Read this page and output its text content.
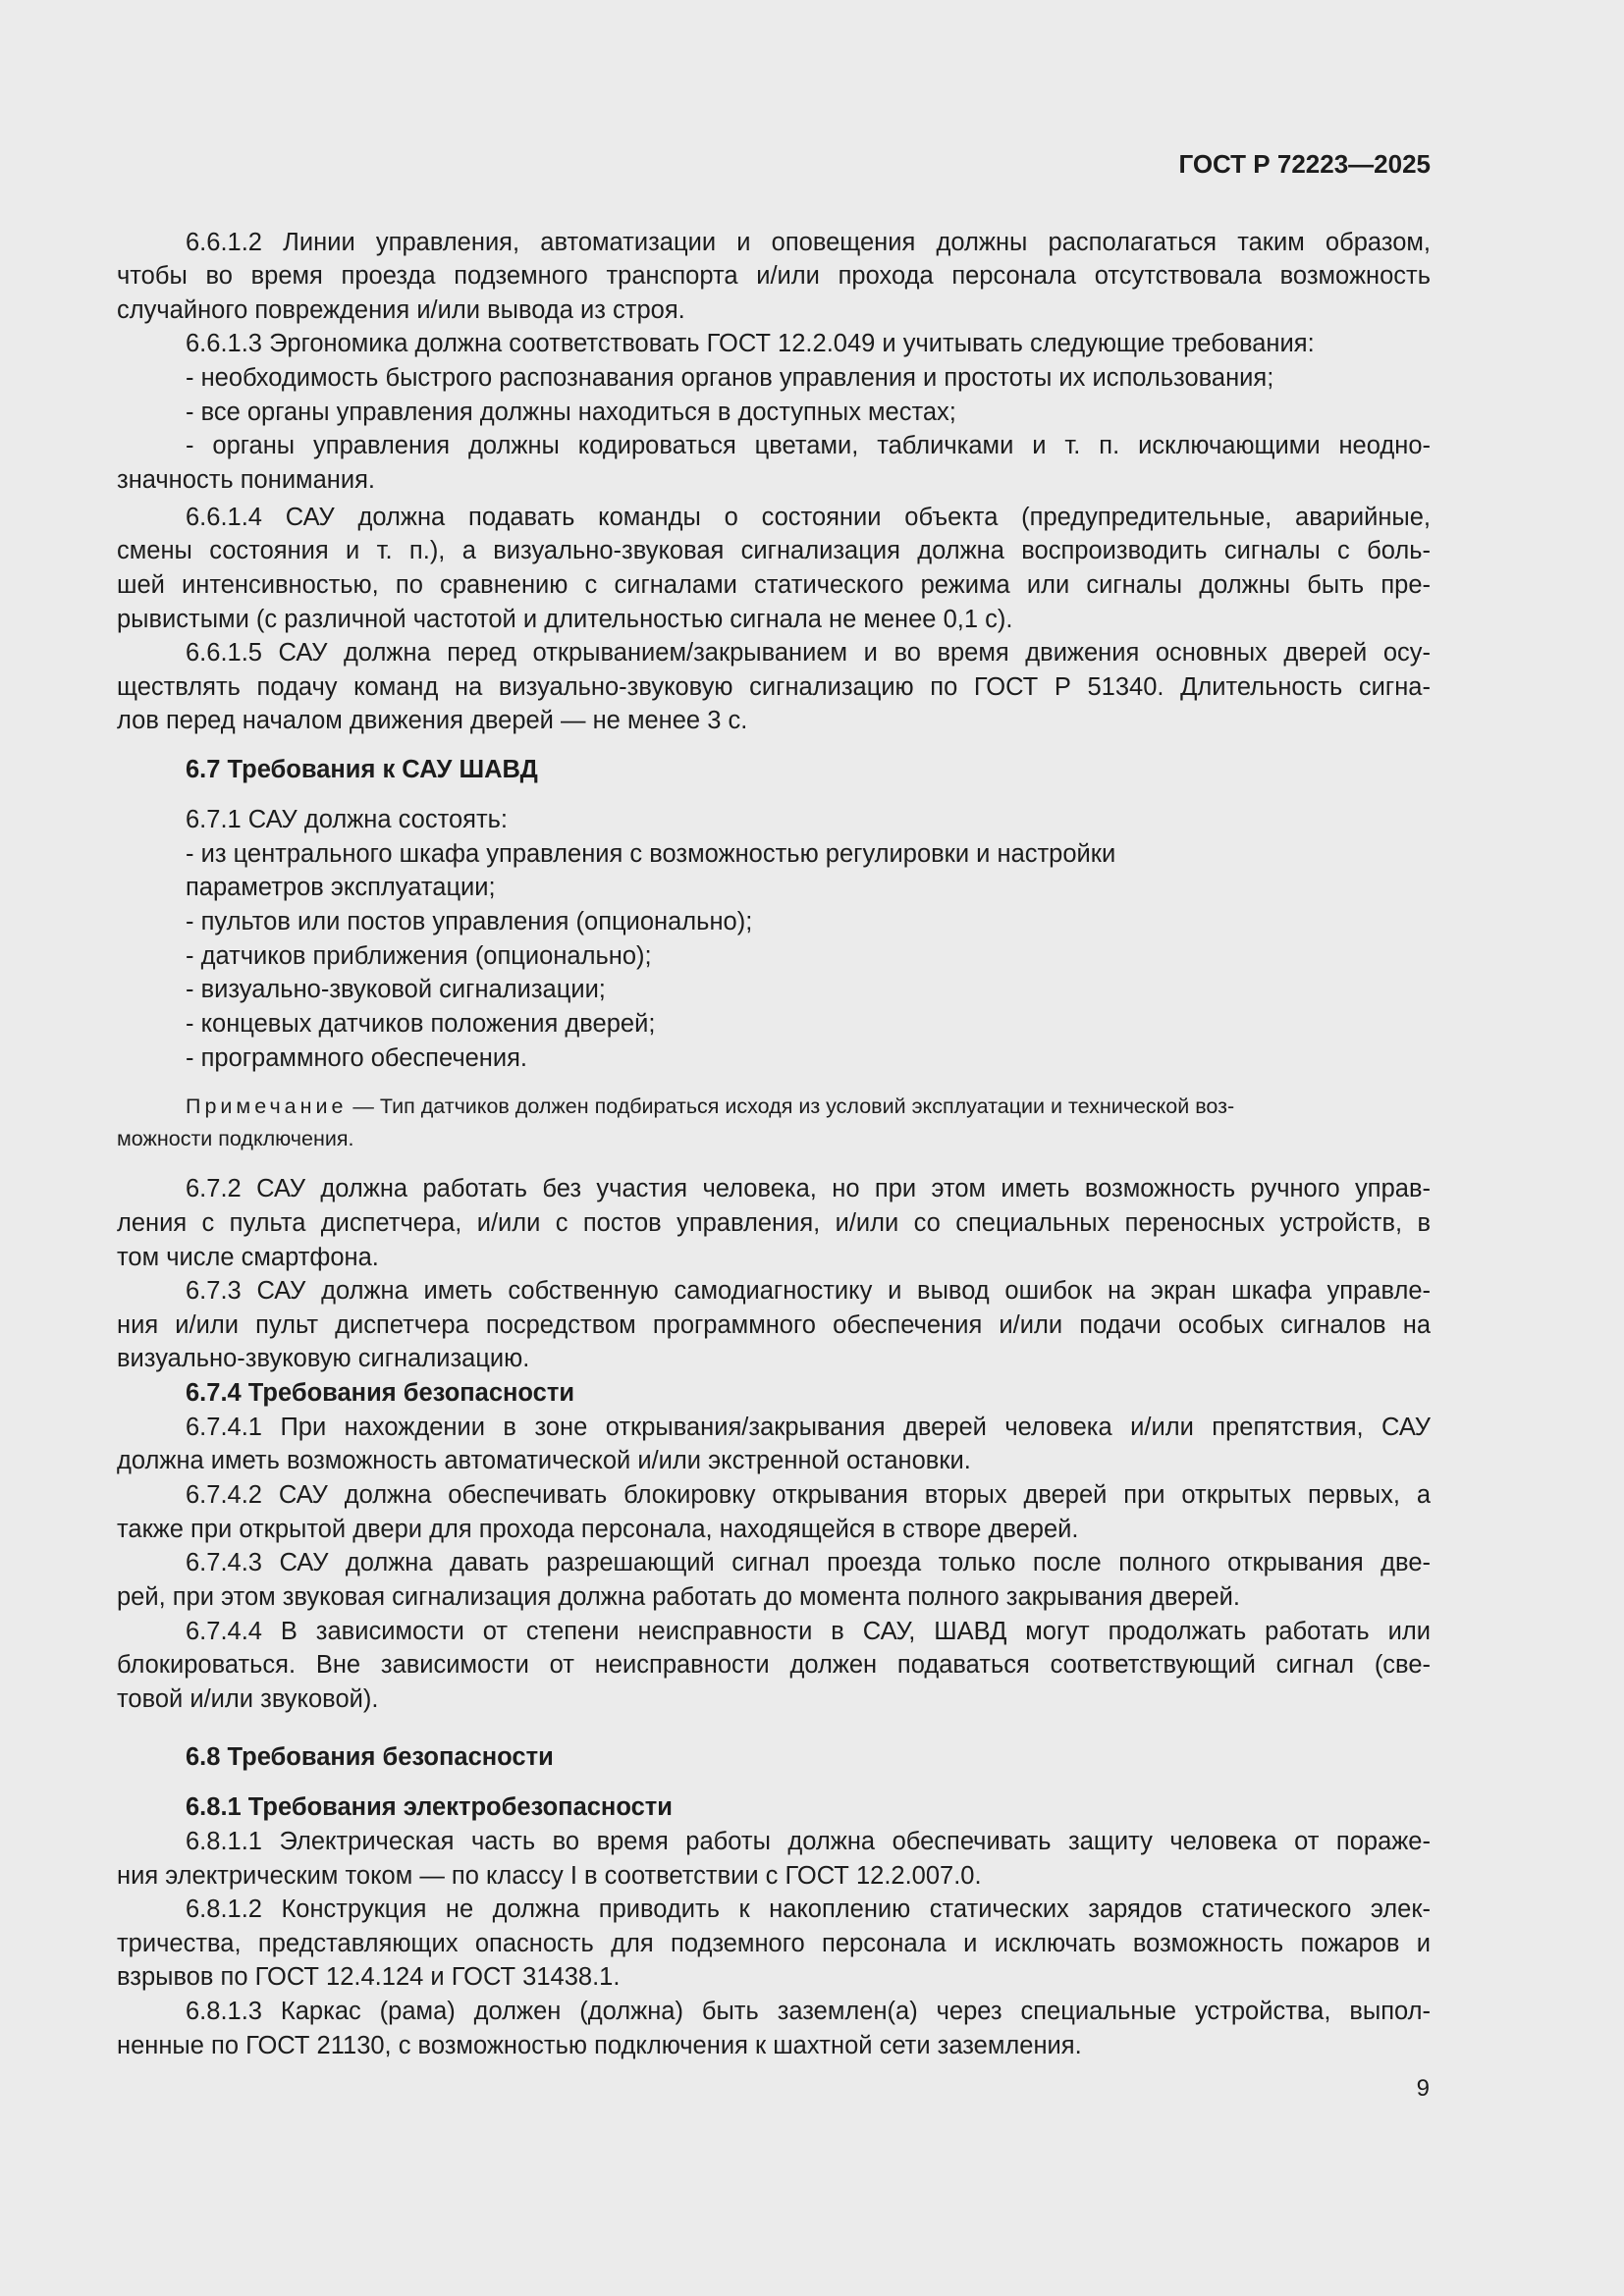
ГОСТ Р 72223—2025
6.6.1.2 Линии управления, автоматизации и оповещения должны располагаться таким образом,
чтобы во время проезда подземного транспорта и/или прохода персонала отсутствовала возможность
случайного повреждения и/или вывода из строя.
6.6.1.3 Эргономика должна соответствовать ГОСТ 12.2.049 и учитывать следующие требования:
- необходимость быстрого распознавания органов управления и простоты их использования;
- все органы управления должны находиться в доступных местах;
- органы управления должны кодироваться цветами, табличками и т. п. исключающими неодно-
значность понимания.
6.6.1.4 САУ должна подавать команды о состоянии объекта (предупредительные, аварийные,
смены состояния и т. п.), а визуально-звуковая сигнализация должна воспроизводить сигналы с боль-
шей интенсивностью, по сравнению с сигналами статического режима или сигналы должны быть пре-
рывистыми (с различной частотой и длительностью сигнала не менее 0,1 с).
6.6.1.5 САУ должна перед открыванием/закрыванием и во время движения основных дверей осу-
ществлять подачу команд на визуально-звуковую сигнализацию по ГОСТ Р 51340. Длительность сигна-
лов перед началом движения дверей — не менее 3 с.
6.7 Требования к САУ ШАВД
6.7.1 САУ должна состоять:
- из центрального шкафа управления с возможностью регулировки и настройки
параметров эксплуатации;
- пультов или постов управления (опционально);
- датчиков приближения (опционально);
- визуально-звуковой сигнализации;
- концевых датчиков положения дверей;
- программного обеспечения.
Примечание — Тип датчиков должен подбираться исходя из условий эксплуатации и технической воз-
можности подключения.
6.7.2 САУ должна работать без участия человека, но при этом иметь возможность ручного управ-
ления с пульта диспетчера, и/или с постов управления, и/или со специальных переносных устройств, в
том числе смартфона.
6.7.3 САУ должна иметь собственную самодиагностику и вывод ошибок на экран шкафа управле-
ния и/или пульт диспетчера посредством программного обеспечения и/или подачи особых сигналов на
визуально-звуковую сигнализацию.
6.7.4 Требования безопасности
6.7.4.1 При нахождении в зоне открывания/закрывания дверей человека и/или препятствия, САУ
должна иметь возможность автоматической и/или экстренной остановки.
6.7.4.2 САУ должна обеспечивать блокировку открывания вторых дверей при открытых первых, а
также при открытой двери для прохода персонала, находящейся в створе дверей.
6.7.4.3 САУ должна давать разрешающий сигнал проезда только после полного открывания две-
рей, при этом звуковая сигнализация должна работать до момента полного закрывания дверей.
6.7.4.4 В зависимости от степени неисправности в САУ, ШАВД могут продолжать работать или
блокироваться. Вне зависимости от неисправности должен подаваться соответствующий сигнал (све-
товой и/или звуковой).
6.8 Требования безопасности
6.8.1 Требования электробезопасности
6.8.1.1 Электрическая часть во время работы должна обеспечивать защиту человека от пораже-
ния электрическим током — по классу I в соответствии с ГОСТ 12.2.007.0.
6.8.1.2 Конструкция не должна приводить к накоплению статических зарядов статического элек-
тричества, представляющих опасность для подземного персонала и исключать возможность пожаров и
взрывов по ГОСТ 12.4.124 и ГОСТ 31438.1.
6.8.1.3 Каркас (рама) должен (должна) быть заземлен(а) через специальные устройства, выпол-
ненные по ГОСТ 21130, с возможностью подключения к шахтной сети заземления.
9
